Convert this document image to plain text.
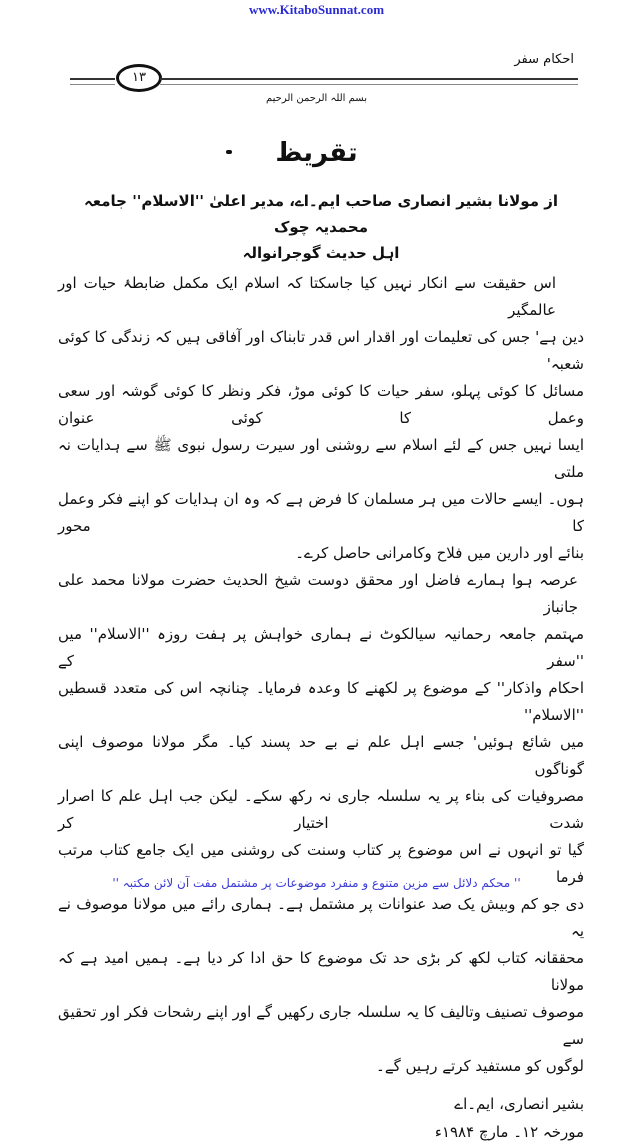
www.KitaboSunnat.com
۱۳
احکام سفر
بسم اللہ الرحمن الرحیم
تقریظ
از مولانا بشیر انصاری صاحب ایم۔اے، مدیر اعلیٰ ''الاسلام'' جامعہ محمدیہ چوک
اہل حدیث گوجرانوالہ
اس حقیقت سے انکار نہیں کیا جاسکتا کہ اسلام ایک مکمل ضابطۂ حیات اور عالمگیر
دین ہے' جس کی تعلیمات اور اقدار اس قدر تابناک اور آفاقی ہیں کہ زندگی کا کوئی شعبہ'
مسائل کا کوئی پہلو، سفر حیات کا کوئی موڑ، فکر ونظر کا کوئی گوشہ اور سعی وعمل کا کوئی عنوان
ایسا نہیں جس کے لئے اسلام سے روشنی اور سیرت رسول نبوی ﷺ سے ہدایات نہ ملتی
ہوں۔ ایسے حالات میں ہر مسلمان کا فرض ہے کہ وہ ان ہدایات کو اپنے فکر وعمل کا محور
بنائے اور دارین میں فلاح وکامرانی حاصل کرے۔
عرصہ ہوا ہمارے فاضل اور محقق دوست شیخ الحدیث حضرت مولانا محمد علی جانباز
مہتمم جامعہ رحمانیہ سیالکوٹ نے ہماری خواہش پر ہفت روزہ ''الاسلام'' میں ''سفر کے
احکام واذکار'' کے موضوع پر لکھنے کا وعدہ فرمایا۔ چنانچہ اس کی متعدد قسطیں ''الاسلام''
میں شائع ہوئیں' جسے اہل علم نے بے حد پسند کیا۔ مگر مولانا موصوف اپنی گوناگوں
مصروفیات کی بناء پر یہ سلسلہ جاری نہ رکھ سکے۔ لیکن جب اہل علم کا اصرار شدت اختیار کر
گیا تو انہوں نے اس موضوع پر کتاب وسنت کی روشنی میں ایک جامع کتاب مرتب فرما
دی جو کم وبیش یک صد عنوانات پر مشتمل ہے۔ ہماری رائے میں مولانا موصوف نے یہ
محققانہ کتاب لکھ کر بڑی حد تک موضوع کا حق ادا کر دیا ہے۔ ہمیں امید ہے کہ مولانا
موصوف تصنیف وتالیف کا یہ سلسلہ جاری رکھیں گے اور اپنے رشحات فکر اور تحقیق سے
لوگوں کو مستفید کرتے رہیں گے۔
بشیر انصاری، ایم۔اے
مورخہ ۱۲۔ مارچ ۱۹۸۴ء
'' محکم دلائل سے مزین متنوع و منفرد موضوعات پر مشتمل مفت آن لائن مکتبہ ''
